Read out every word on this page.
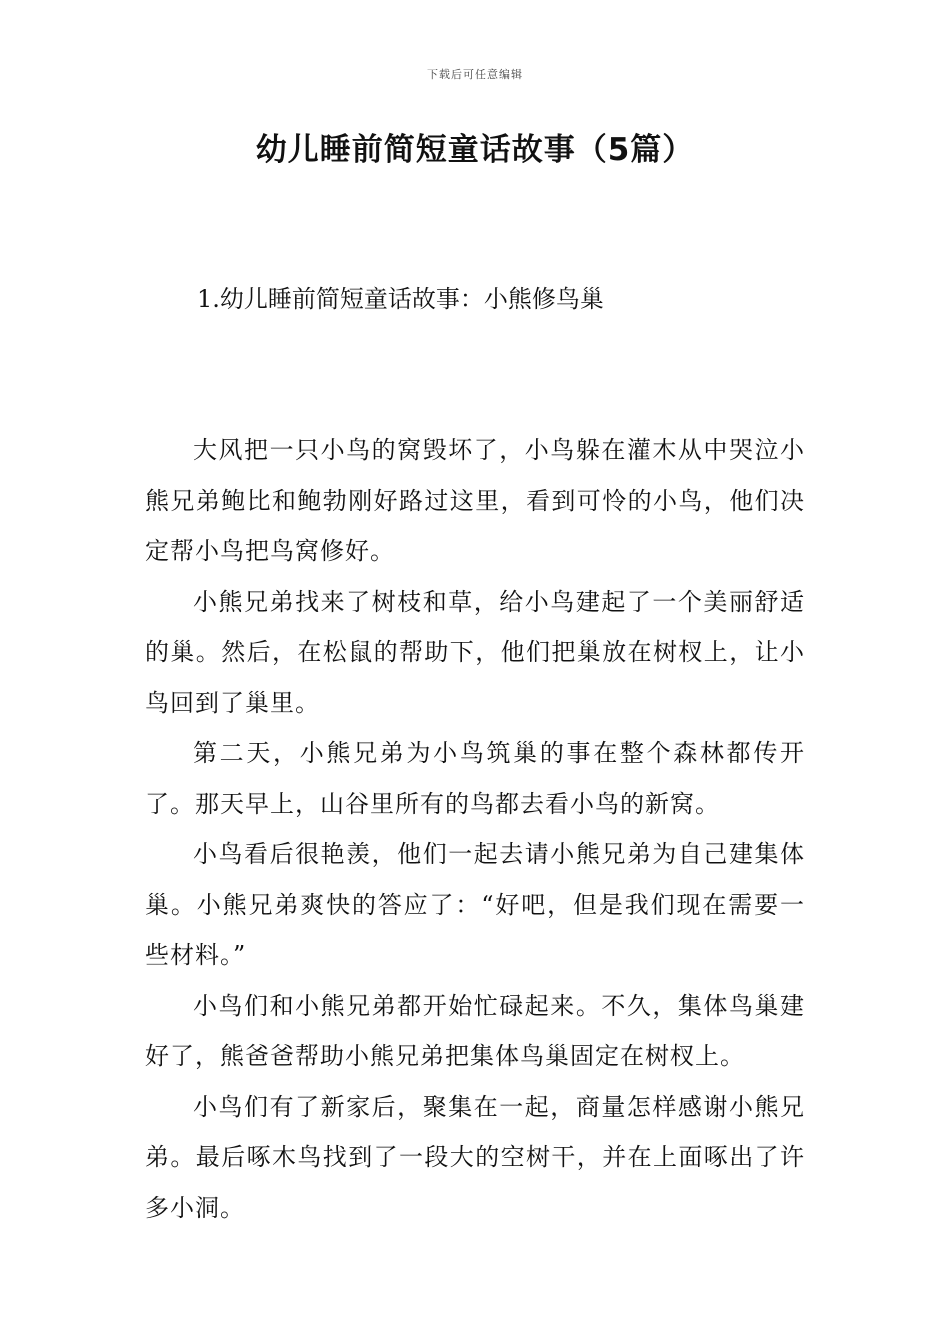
下载后可任意编辑
幼儿睡前简短童话故事（5篇）
1.幼儿睡前简短童话故事：小熊修鸟巢

大风把一只小鸟的窝毁坏了，小鸟躲在灌木从中哭泣小熊兄弟鲍比和鲍勃刚好路过这里，看到可怜的小鸟，他们决定帮小鸟把鸟窝修好。

小熊兄弟找来了树枝和草，给小鸟建起了一个美丽舒适的巢。然后，在松鼠的帮助下，他们把巢放在树杈上，让小鸟回到了巢里。

第二天，小熊兄弟为小鸟筑巢的事在整个森林都传开了。那天早上，山谷里所有的鸟都去看小鸟的新窝。

小鸟看后很艳羡，他们一起去请小熊兄弟为自己建集体巢。小熊兄弟爽快的答应了：“好吧，但是我们现在需要一些材料。”

小鸟们和小熊兄弟都开始忙碌起来。不久，集体鸟巢建好了，熊爸爸帮助小熊兄弟把集体鸟巢固定在树杈上。

小鸟们有了新家后，聚集在一起，商量怎样感谢小熊兄弟。最后啄木鸟找到了一段大的空树干，并在上面啄出了许多小洞。
